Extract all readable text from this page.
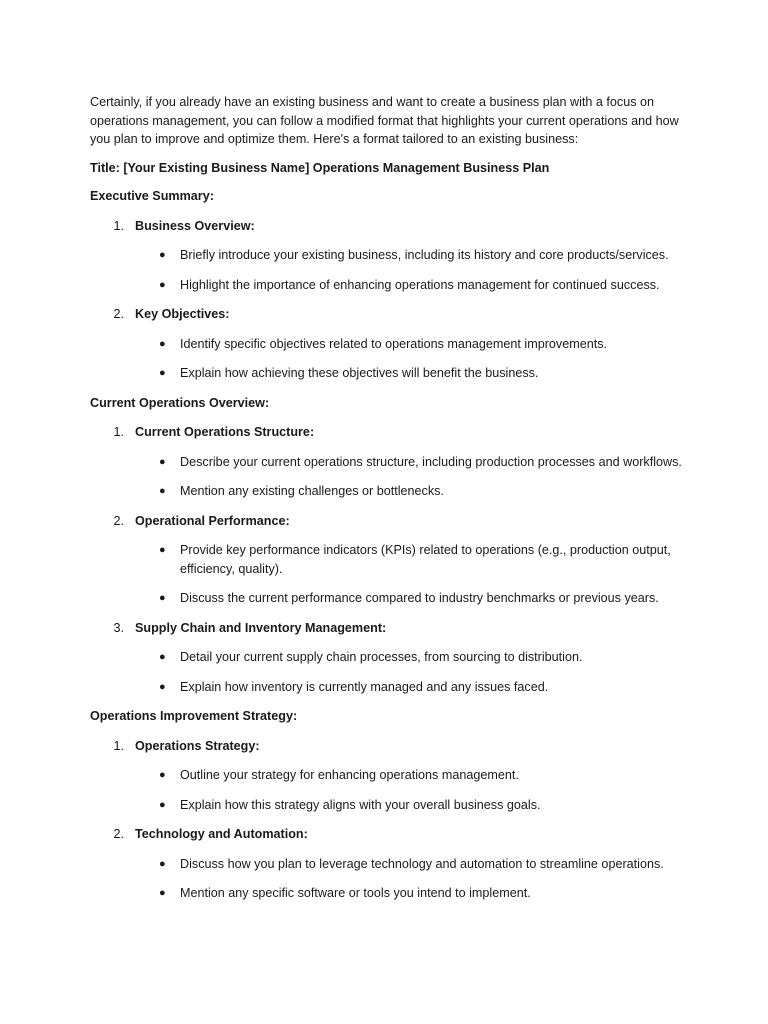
Certainly, if you already have an existing business and want to create a business plan with a focus on operations management, you can follow a modified format that highlights your current operations and how you plan to improve and optimize them. Here's a format tailored to an existing business:

Title: [Your Existing Business Name] Operations Management Business Plan

Executive Summary:

1. Business Overview:
● Briefly introduce your existing business, including its history and core products/services.
● Highlight the importance of enhancing operations management for continued success.
2. Key Objectives:
● Identify specific objectives related to operations management improvements.
● Explain how achieving these objectives will benefit the business.

Current Operations Overview:

1. Current Operations Structure:
● Describe your current operations structure, including production processes and workflows.
● Mention any existing challenges or bottlenecks.
2. Operational Performance:
● Provide key performance indicators (KPIs) related to operations (e.g., production output, efficiency, quality).
● Discuss the current performance compared to industry benchmarks or previous years.
3. Supply Chain and Inventory Management:
● Detail your current supply chain processes, from sourcing to distribution.
● Explain how inventory is currently managed and any issues faced.

Operations Improvement Strategy:

1. Operations Strategy:
● Outline your strategy for enhancing operations management.
● Explain how this strategy aligns with your overall business goals.
2. Technology and Automation:
● Discuss how you plan to leverage technology and automation to streamline operations.
● Mention any specific software or tools you intend to implement.
